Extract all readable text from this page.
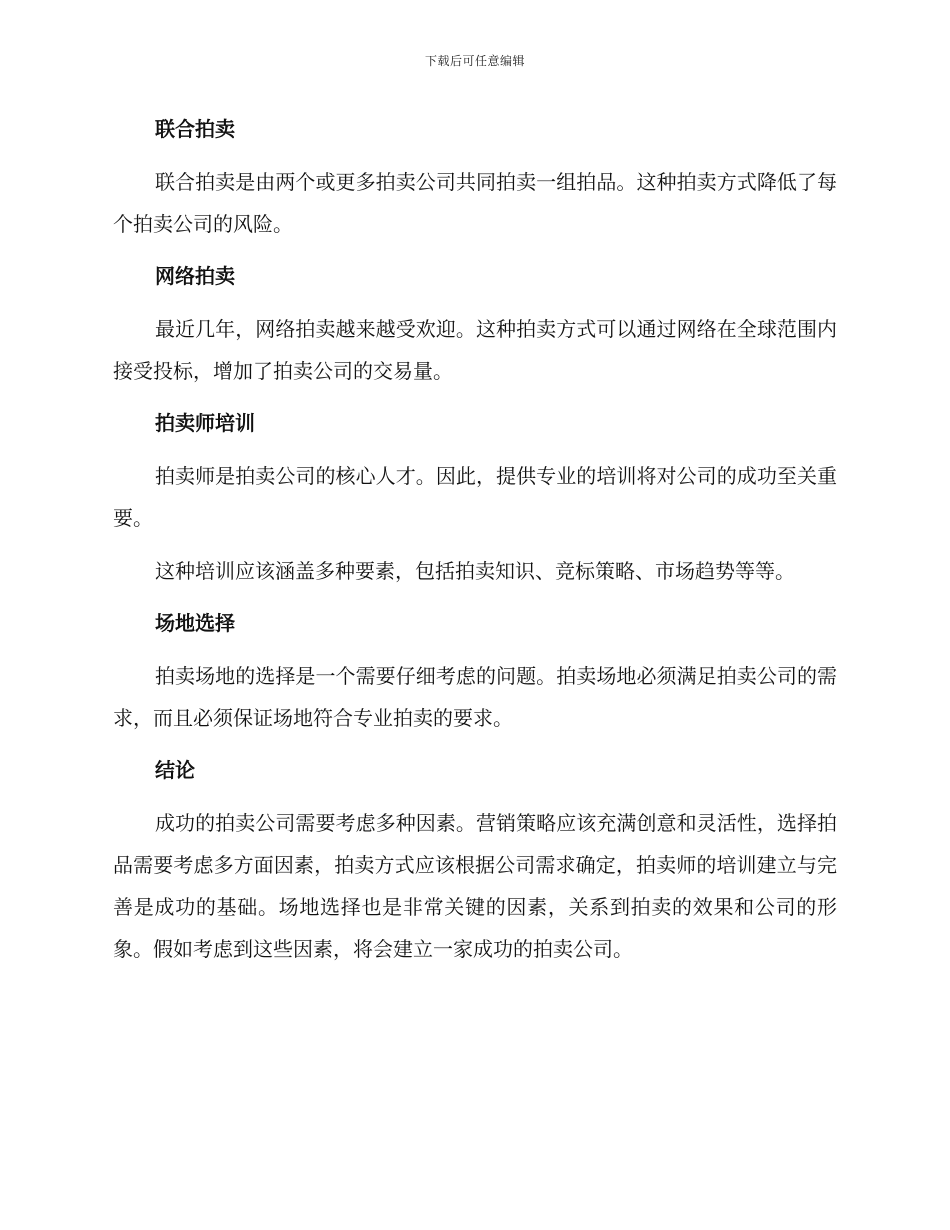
下载后可任意编辑
联合拍卖

联合拍卖是由两个或更多拍卖公司共同拍卖一组拍品。这种拍卖方式降低了每个拍卖公司的风险。

网络拍卖

最近几年，网络拍卖越来越受欢迎。这种拍卖方式可以通过网络在全球范围内接受投标，增加了拍卖公司的交易量。

拍卖师培训

拍卖师是拍卖公司的核心人才。因此，提供专业的培训将对公司的成功至关重要。

这种培训应该涵盖多种要素，包括拍卖知识、竞标策略、市场趋势等等。

场地选择

拍卖场地的选择是一个需要仔细考虑的问题。拍卖场地必须满足拍卖公司的需求，而且必须保证场地符合专业拍卖的要求。

结论

成功的拍卖公司需要考虑多种因素。营销策略应该充满创意和灵活性，选择拍品需要考虑多方面因素，拍卖方式应该根据公司需求确定，拍卖师的培训建立与完善是成功的基础。场地选择也是非常关键的因素，关系到拍卖的效果和公司的形象。假如考虑到这些因素，将会建立一家成功的拍卖公司。
